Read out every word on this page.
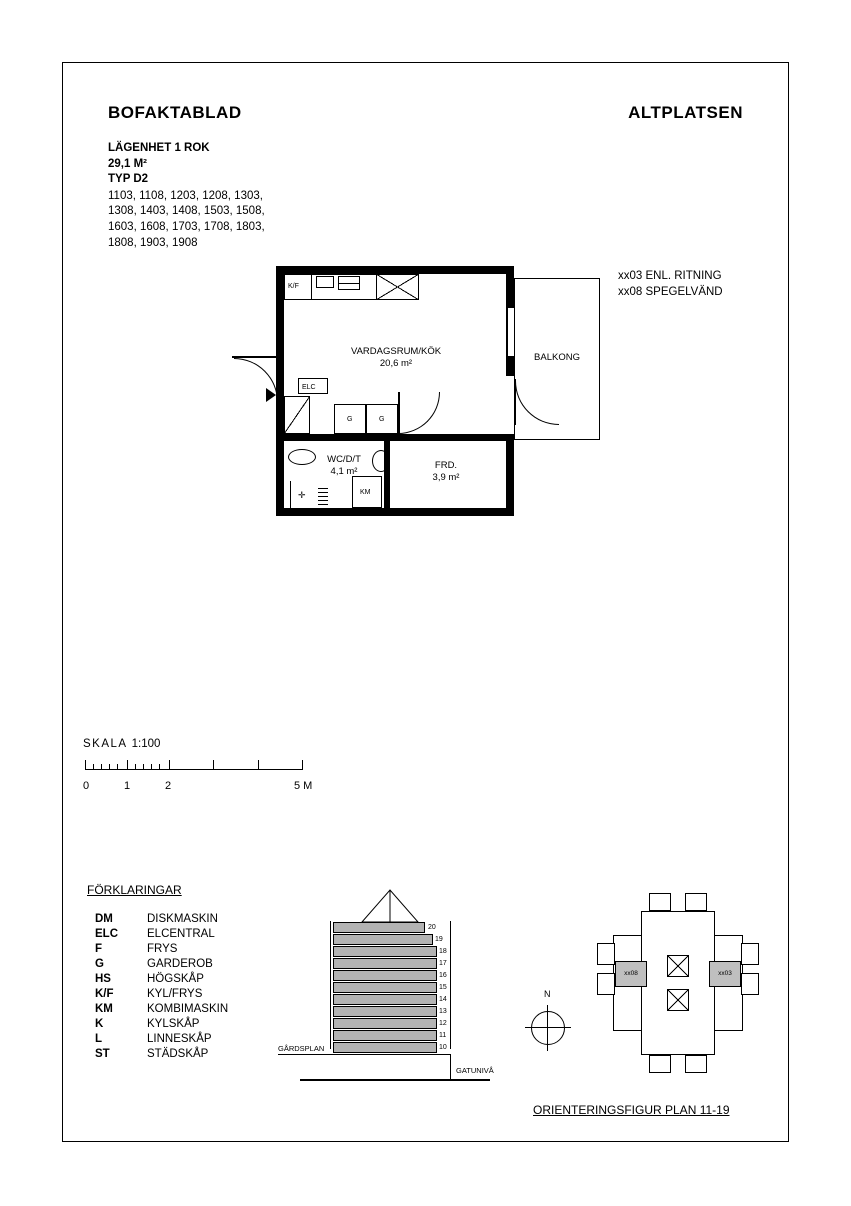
BOFAKTABLAD	ALTPLATSEN
LÄGENHET 1 ROK
29,1 M²
TYP D2
1103, 1108, 1203, 1208, 1303,
1308, 1403, 1408, 1503, 1508,
1603, 1608, 1703, 1708, 1803,
1808, 1903, 1908
xx03 ENL. RITNING
xx08 SPEGELVÄND
BALKONG
K/F
VARDAGSRUM/KÖK
20,6 m²
ELC
G	G
WC/D/T
4,1 m²
✛	KM
FRD.
3,9 m²
SKALA 1:100
0	1	2	5 M
FÖRKLARINGAR
DM	DISKMASKIN
ELC	ELCENTRAL
F	FRYS
G	GARDEROB
HS	HÖGSKÅP
K/F	KYL/FRYS
KM	KOMBIMASKIN
K	KYLSKÅP
L	LINNESKÅP
ST	STÄDSKÅP
20
19
18
17
16
15
14
13
12
11
10
GÅRDSPLAN
GATUNIVÅ
N
xx08	xx03
ORIENTERINGSFIGUR PLAN 11-19
